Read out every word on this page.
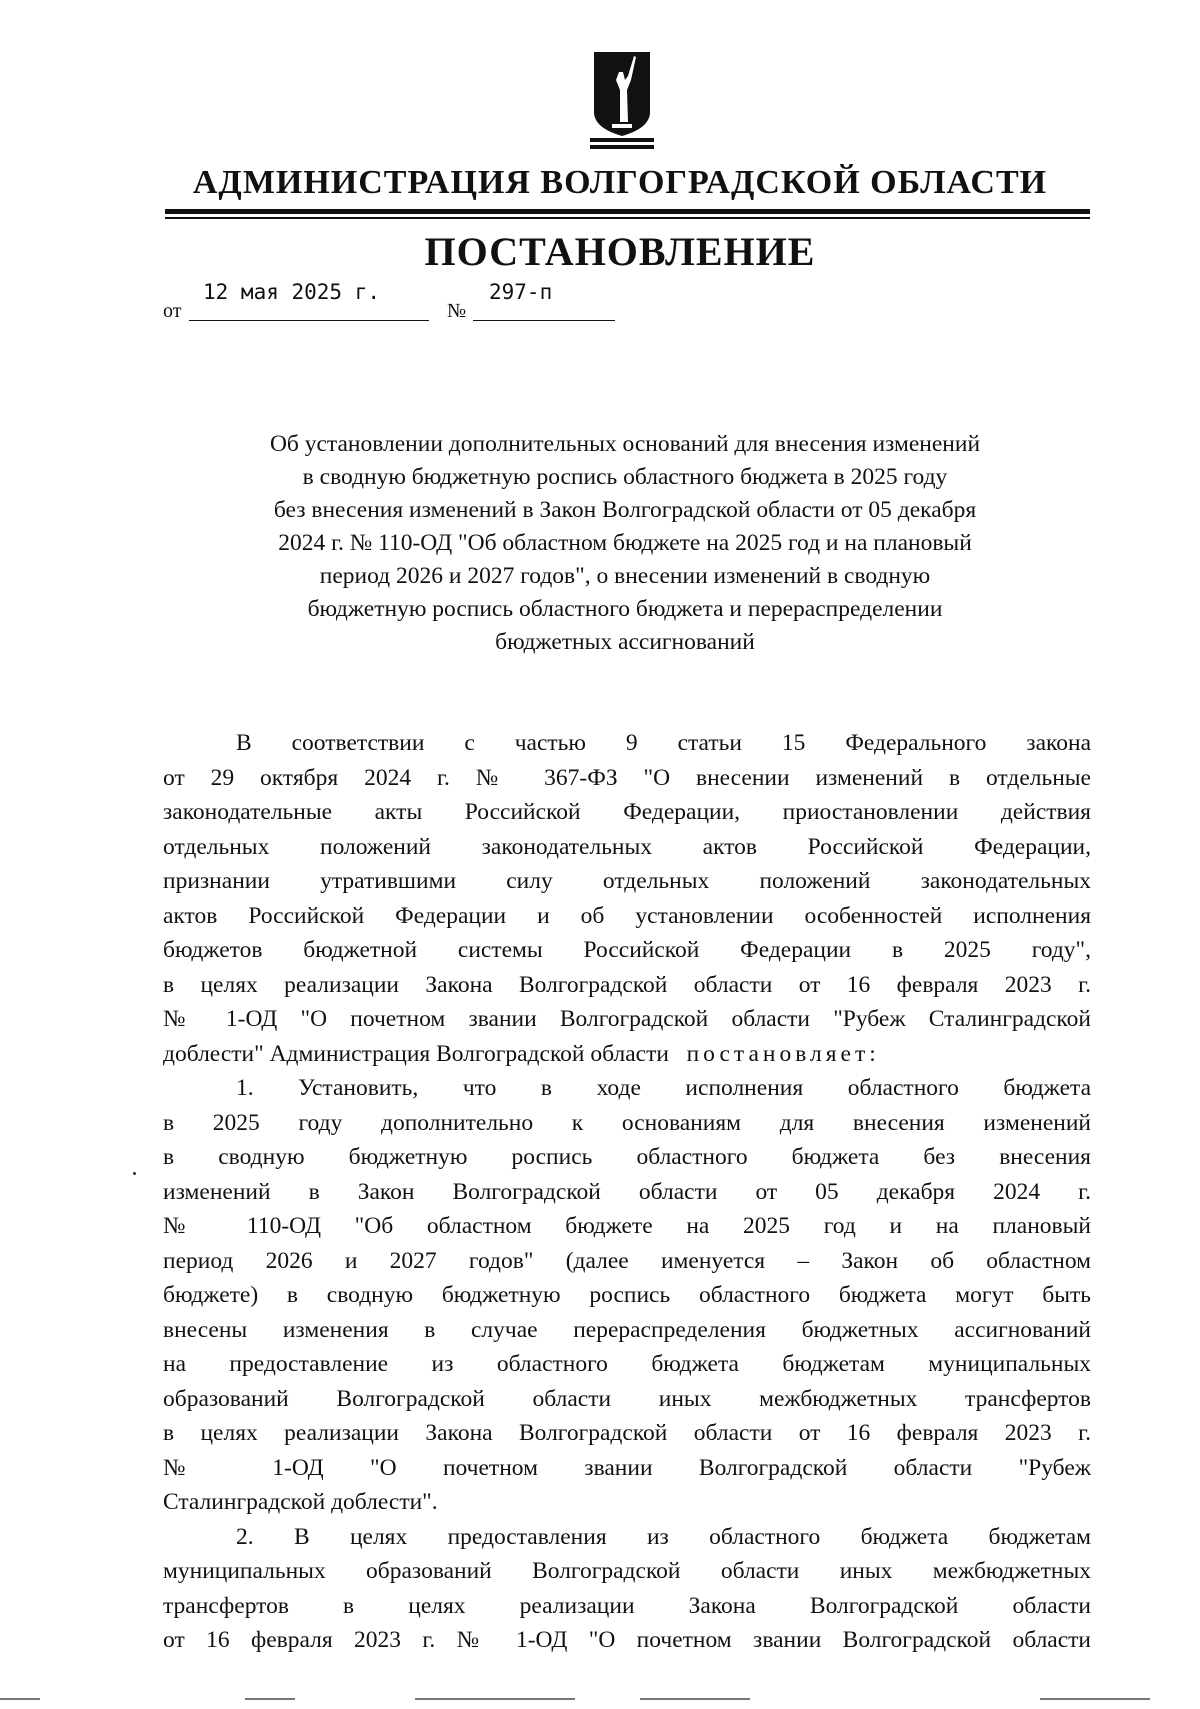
АДМИНИСТРАЦИЯ ВОЛГОГРАДСКОЙ ОБЛАСТИ
ПОСТАНОВЛЕНИЕ
от
12 мая 2025 г.
№
297-п
Об установлении дополнительных оснований для внесения изменений
в сводную бюджетную роспись областного бюджета в 2025 году
без внесения изменений в Закон Волгоградской области от 05 декабря
2024 г. № 110-ОД "Об областном бюджете на 2025 год и на плановый
период 2026 и 2027 годов", о внесении изменений в сводную
бюджетную роспись областного бюджета и перераспределении
бюджетных ассигнований
В соответствии с частью 9 статьи 15 Федерального закона
от 29 октября 2024 г. № 367-ФЗ "О внесении изменений в отдельные
законодательные акты Российской Федерации, приостановлении действия
отдельных положений законодательных актов Российской Федерации,
признании утратившими силу отдельных положений законодательных
актов Российской Федерации и об установлении особенностей исполнения
бюджетов бюджетной системы Российской Федерации в 2025 году",
в целях реализации Закона Волгоградской области от 16 февраля 2023 г.
№ 1-ОД "О почетном звании Волгоградской области "Рубеж Сталинградской
доблести" Администрация Волгоградской области постановляет:
1. Установить, что в ходе исполнения областного бюджета
в 2025 году дополнительно к основаниям для внесения изменений
в сводную бюджетную роспись областного бюджета без внесения
изменений в Закон Волгоградской области от 05 декабря 2024 г.
№ 110-ОД "Об областном бюджете на 2025 год и на плановый
период 2026 и 2027 годов" (далее именуется – Закон об областном
бюджете) в сводную бюджетную роспись областного бюджета могут быть
внесены изменения в случае перераспределения бюджетных ассигнований
на предоставление из областного бюджета бюджетам муниципальных
образований Волгоградской области иных межбюджетных трансфертов
в целях реализации Закона Волгоградской области от 16 февраля 2023 г.
№ 1-ОД "О почетном звании Волгоградской области "Рубеж
Сталинградской доблести".
2. В целях предоставления из областного бюджета бюджетам
муниципальных образований Волгоградской области иных межбюджетных
трансфертов в целях реализации Закона Волгоградской области
от 16 февраля 2023 г. № 1-ОД "О почетном звании Волгоградской области
